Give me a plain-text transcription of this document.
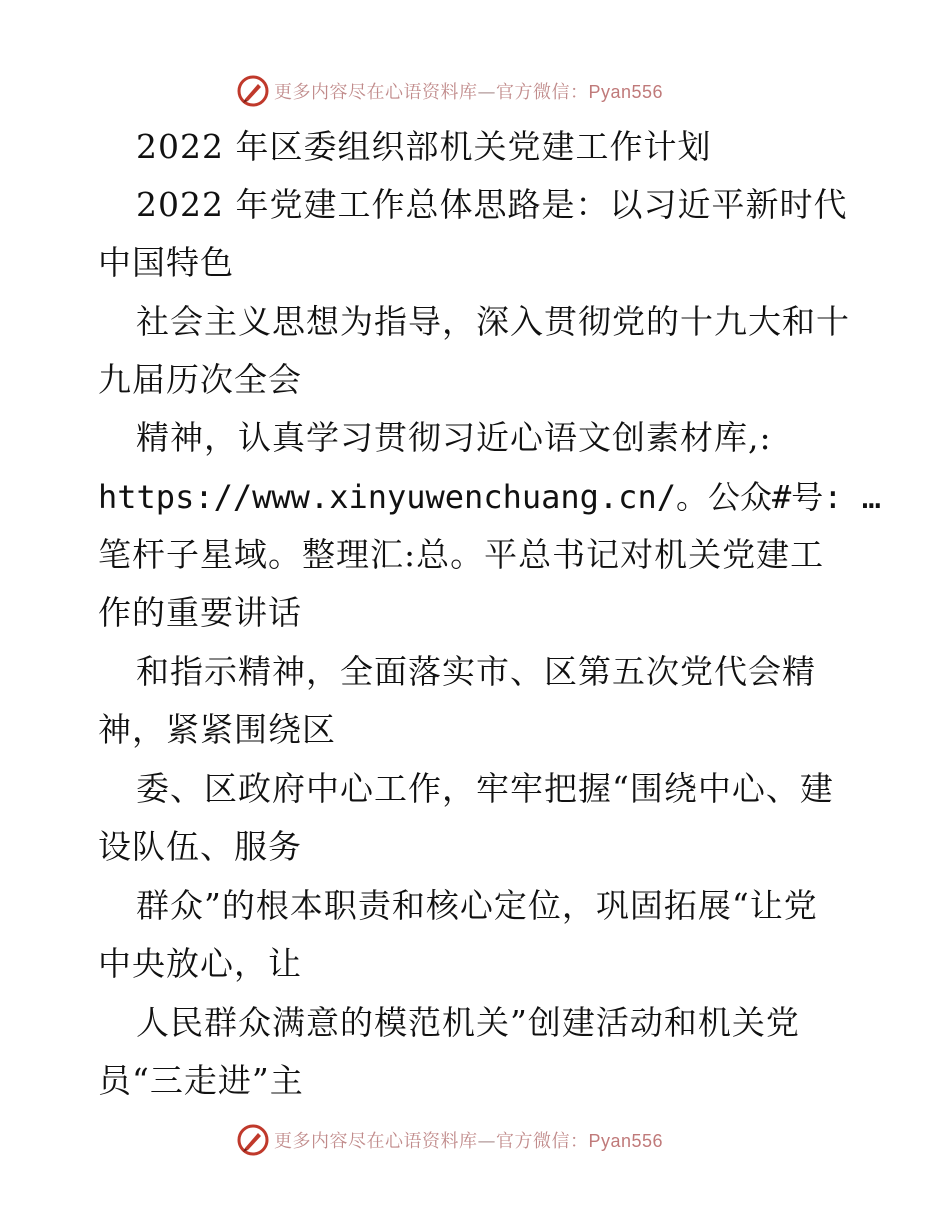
更多内容尽在心语资料库—官方微信：Pyan556
2022 年区委组织部机关党建工作计划
2022 年党建工作总体思路是：以习近平新时代
中国特色
社会主义思想为指导，深入贯彻党的十九大和十
九届历次全会
精神，认真学习贯彻习近心语文创素材库,:
https://www.xinyuwenchuang.cn/。公众#号: …
笔杆子星域。整理汇:总。平总书记对机关党建工
作的重要讲话
和指示精神，全面落实市、区第五次党代会精
神，紧紧围绕区
委、区政府中心工作，牢牢把握“围绕中心、建
设队伍、服务
群众”的根本职责和核心定位，巩固拓展“让党
中央放心，让
人民群众满意的模范机关”创建活动和机关党
员“三走进”主
更多内容尽在心语资料库—官方微信：Pyan556
